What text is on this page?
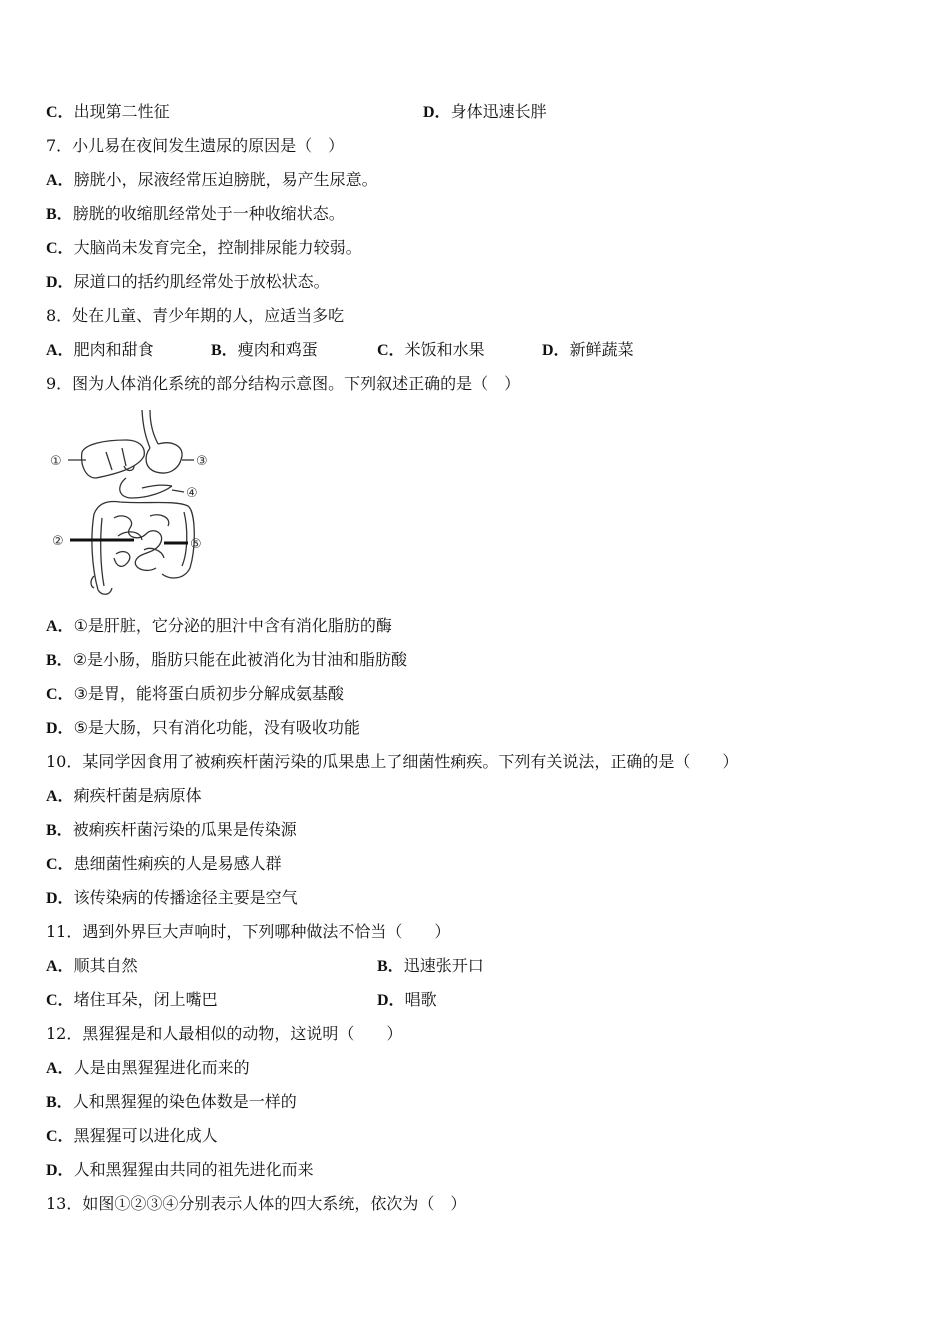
C．出现第二性征	D．身体迅速长胖
7．小儿易在夜间发生遗尿的原因是（　）
A．膀胱小，尿液经常压迫膀胱，易产生尿意。
B．膀胱的收缩肌经常处于一种收缩状态。
C．大脑尚未发育完全，控制排尿能力较弱。
D．尿道口的括约肌经常处于放松状态。
8．处在儿童、青少年期的人，应适当多吃
A．肥肉和甜食	B．瘦肉和鸡蛋	C．米饭和水果	D．新鲜蔬菜
9．图为人体消化系统的部分结构示意图。下列叙述正确的是（　）
①
②
③
④
⑤
A．①是肝脏，它分泌的胆汁中含有消化脂肪的酶
B．②是小肠，脂肪只能在此被消化为甘油和脂肪酸
C．③是胃，能将蛋白质初步分解成氨基酸
D．⑤是大肠，只有消化功能，没有吸收功能
10．某同学因食用了被痢疾杆菌污染的瓜果患上了细菌性痢疾。下列有关说法，正确的是（　　）
A．痢疾杆菌是病原体
B．被痢疾杆菌污染的瓜果是传染源
C．患细菌性痢疾的人是易感人群
D．该传染病的传播途径主要是空气
11．遇到外界巨大声响时，下列哪种做法不恰当（　　）
A．顺其自然	B．迅速张开口
C．堵住耳朵，闭上嘴巴	D．唱歌
12．黑猩猩是和人最相似的动物，这说明（　　）
A．人是由黑猩猩进化而来的
B．人和黑猩猩的染色体数是一样的
C．黑猩猩可以进化成人
D．人和黑猩猩由共同的祖先进化而来
13．如图①②③④分别表示人体的四大系统，依次为（　）
